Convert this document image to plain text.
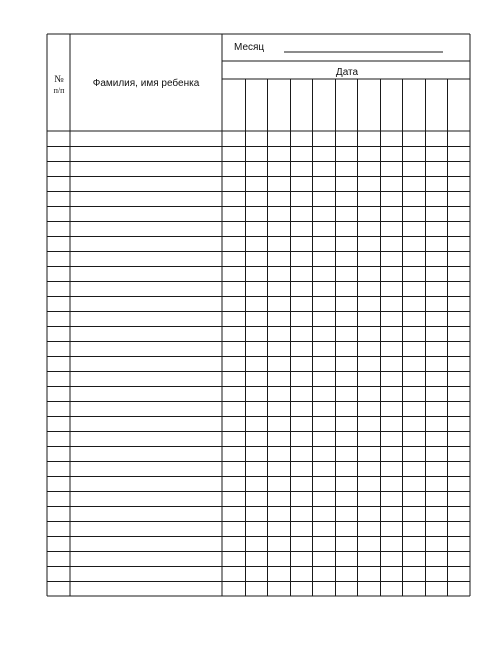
№
п/п
Фамилия, имя ребенка
Месяц
Дата
